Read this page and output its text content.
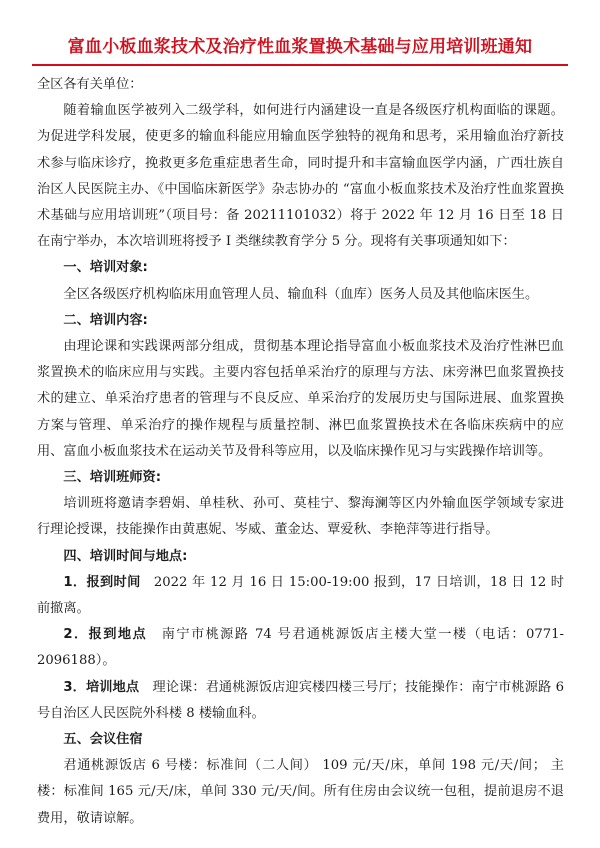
富血小板血浆技术及治疗性血浆置换术基础与应用培训班通知

全区各有关单位：

随着输血医学被列入二级学科，如何进行内涵建设一直是各级医疗机构面临的课题。为促进学科发展，使更多的输血科能应用输血医学独特的视角和思考，采用输血治疗新技术参与临床诊疗，挽救更多危重症患者生命，同时提升和丰富输血医学内涵，广西壮族自治区人民医院主办、《中国临床新医学》杂志协办的 “富血小板血浆技术及治疗性血浆置换术基础与应用培训班”（项目号：备 20211101032）将于 2022 年 12 月 16 日至 18 日在南宁举办，本次培训班将授予 I 类继续教育学分 5 分。现将有关事项通知如下：

一、培训对象:

全区各级医疗机构临床用血管理人员、输血科（血库）医务人员及其他临床医生。

二、培训内容:

由理论课和实践课两部分组成，贯彻基本理论指导富血小板血浆技术及治疗性淋巴血浆置换术的临床应用与实践。主要内容包括单采治疗的原理与方法、床旁淋巴血浆置换技术的建立、单采治疗患者的管理与不良反应、单采治疗的发展历史与国际进展、血浆置换方案与管理、单采治疗的操作规程与质量控制、淋巴血浆置换技术在各临床疾病中的应用、富血小板血浆技术在运动关节及骨科等应用，以及临床操作见习与实践操作培训等。

三、培训班师资:

培训班将邀请李碧娟、单桂秋、孙可、莫桂宁、黎海澜等区内外输血医学领域专家进行理论授课，技能操作由黄惠妮、岑威、董金达、覃爱秋、李艳萍等进行指导。

四、培训时间与地点:

1．报到时间 2022 年 12 月 16 日 15:00-19:00 报到，17 日培训，18 日 12 时前撤离。

2．报到地点 南宁市桃源路 74 号君通桃源饭店主楼大堂一楼（电话：0771-2096188）。

3．培训地点 理论课：君通桃源饭店迎宾楼四楼三号厅；技能操作：南宁市桃源路 6 号自治区人民医院外科楼 8 楼输血科。

五、会议住宿

君通桃源饭店 6 号楼：标准间（二人间） 109 元/天/床，单间 198 元/天/间； 主楼：标准间 165 元/天/床，单间 330 元/天/间。所有住房由会议统一包租，提前退房不退费用，敬请谅解。
